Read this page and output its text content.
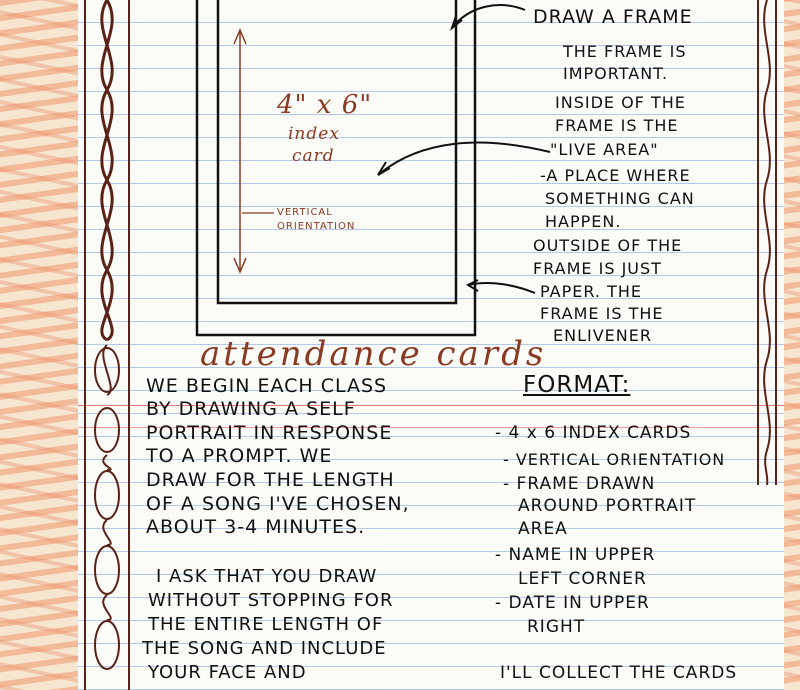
DRAW A FRAME
THE FRAME IS
IMPORTANT.
INSIDE OF THE
FRAME IS THE
"LIVE AREA"
-A PLACE WHERE
SOMETHING CAN
HAPPEN.
OUTSIDE OF THE
FRAME IS JUST
PAPER. THE
FRAME IS THE
ENLIVENER
4" x 6"
index
card
VERTICAL
ORIENTATION
attendance cards
WE BEGIN EACH CLASS
BY DRAWING A SELF
PORTRAIT IN RESPONSE
TO A PROMPT. WE
DRAW FOR THE LENGTH
OF A SONG I'VE CHOSEN,
ABOUT 3-4 MINUTES.
I ASK THAT YOU DRAW
WITHOUT STOPPING FOR
THE ENTIRE LENGTH OF
THE SONG AND INCLUDE
YOUR FACE AND
FORMAT:
- 4 x 6 INDEX CARDS
- VERTICAL ORIENTATION
- FRAME DRAWN
AROUND PORTRAIT
AREA
- NAME IN UPPER
LEFT CORNER
- DATE IN UPPER
RIGHT
I'LL COLLECT THE CARDS
